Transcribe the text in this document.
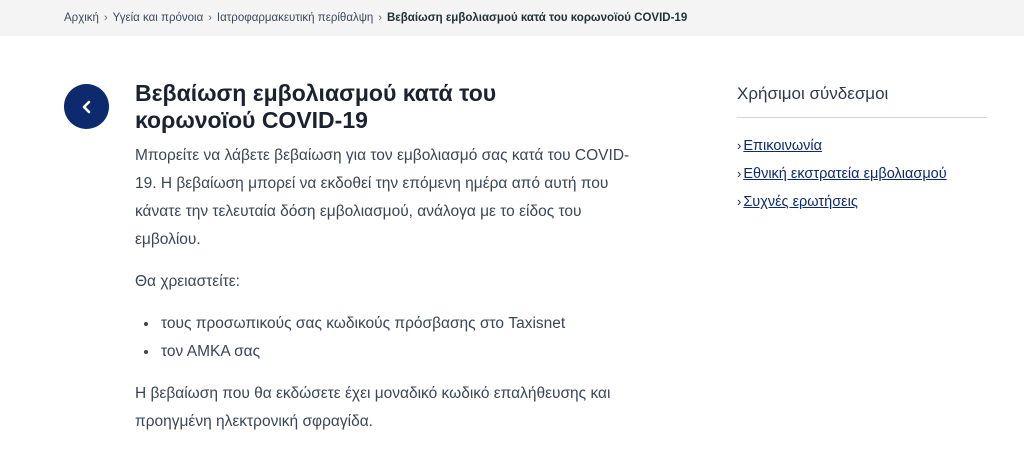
Αρχική › Υγεία και πρόνοια › Ιατροφαρμακευτική περίθαλψη › Βεβαίωση εμβολιασμού κατά του κορωνοϊού COVID-19
Βεβαίωση εμβολιασμού κατά του
κορωνοϊού COVID-19

Μπορείτε να λάβετε βεβαίωση για τον εμβολιασμό σας κατά του COVID-19. Η βεβαίωση μπορεί να εκδοθεί την επόμενη ημέρα από αυτή που κάνατε την τελευταία δόση εμβολιασμού, ανάλογα με το είδος του εμβολίου.

Θα χρειαστείτε:

• τους προσωπικούς σας κωδικούς πρόσβασης στο Taxisnet
• τον ΑΜΚΑ σας

Η βεβαίωση που θα εκδώσετε έχει μοναδικό κωδικό επαλήθευσης και προηγμένη ηλεκτρονική σφραγίδα.

Χρήσιμοι σύνδεσμοι
› Επικοινωνία
› Εθνική εκστρατεία εμβολιασμού
› Συχνές ερωτήσεις
